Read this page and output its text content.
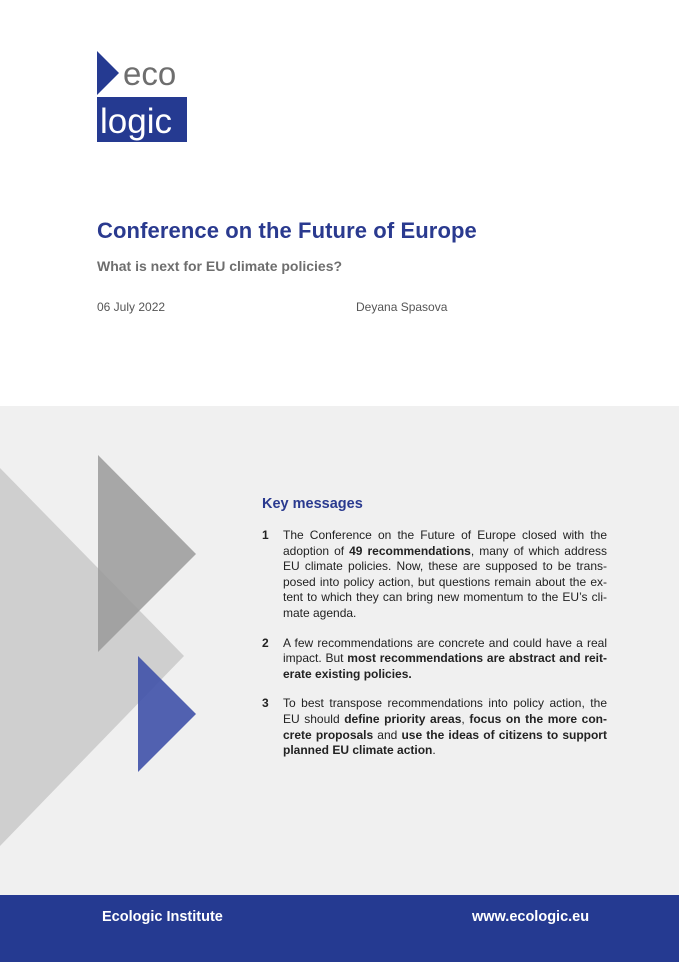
eco
logic
Conference on the Future of Europe
What is next for EU climate policies?
06 July 2022	Deyana Spasova
Key messages
1	The Conference on the Future of Europe closed with the adoption of 49 recommendations, many of which address EU climate policies. Now, these are supposed to be transposed into policy action, but questions remain about the extent to which they can bring new momentum to the EU’s climate agenda.
2	A few recommendations are concrete and could have a real impact. But most recommendations are abstract and reiterate existing policies.
3	To best transpose recommendations into policy action, the EU should define priority areas, focus on the more concrete proposals and use the ideas of citizens to support planned EU climate action.
Ecologic Institute	www.ecologic.eu
